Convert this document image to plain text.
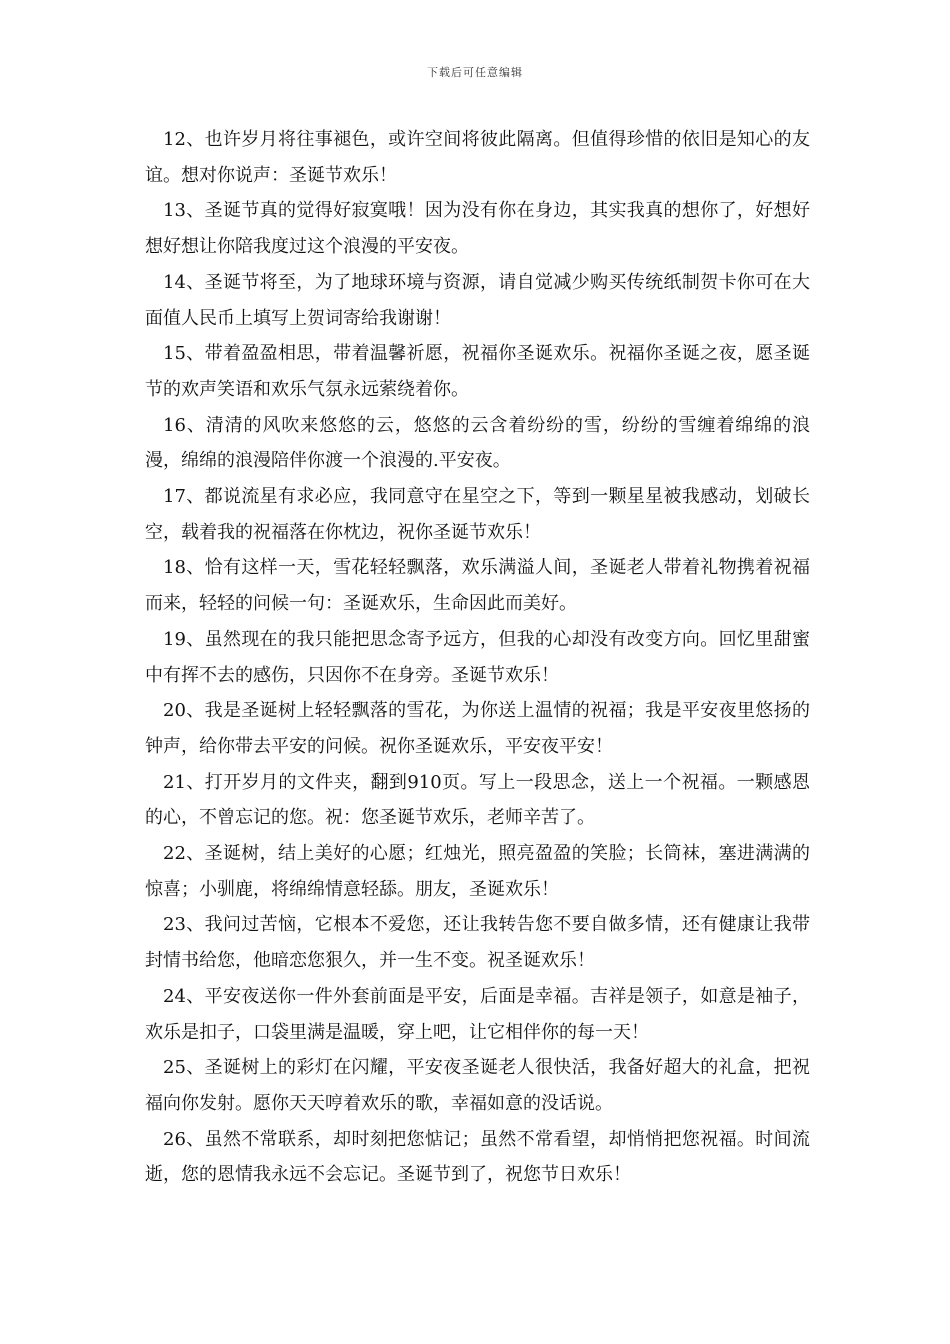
下载后可任意编辑

12、也许岁月将往事褪色，或许空间将彼此隔离。但值得珍惜的依旧是知心的友谊。想对你说声：圣诞节欢乐！

13、圣诞节真的觉得好寂寞哦！因为没有你在身边，其实我真的想你了，好想好想好想让你陪我度过这个浪漫的平安夜。

14、圣诞节将至，为了地球环境与资源，请自觉减少购买传统纸制贺卡你可在大面值人民币上填写上贺词寄给我谢谢！

15、带着盈盈相思，带着温馨祈愿，祝福你圣诞欢乐。祝福你圣诞之夜，愿圣诞节的欢声笑语和欢乐气氛永远萦绕着你。

16、清清的风吹来悠悠的云，悠悠的云含着纷纷的雪，纷纷的雪缠着绵绵的浪漫，绵绵的浪漫陪伴你渡一个浪漫的.平安夜。

17、都说流星有求必应，我同意守在星空之下，等到一颗星星被我感动，划破长空，载着我的祝福落在你枕边，祝你圣诞节欢乐！

18、恰有这样一天，雪花轻轻飘落，欢乐满溢人间，圣诞老人带着礼物携着祝福而来，轻轻的问候一句：圣诞欢乐，生命因此而美好。

19、虽然现在的我只能把思念寄予远方，但我的心却没有改变方向。回忆里甜蜜中有挥不去的感伤，只因你不在身旁。圣诞节欢乐！

20、我是圣诞树上轻轻飘落的雪花，为你送上温情的祝福；我是平安夜里悠扬的钟声，给你带去平安的问候。祝你圣诞欢乐，平安夜平安！

21、打开岁月的文件夹，翻到910页。写上一段思念，送上一个祝福。一颗感恩的心，不曾忘记的您。祝：您圣诞节欢乐，老师辛苦了。

22、圣诞树，结上美好的心愿；红烛光，照亮盈盈的笑脸；长筒袜，塞进满满的惊喜；小驯鹿，将绵绵情意轻舔。朋友，圣诞欢乐！

23、我问过苦恼，它根本不爱您，还让我转告您不要自做多情，还有健康让我带封情书给您，他暗恋您狠久，并一生不变。祝圣诞欢乐！

24、平安夜送你一件外套前面是平安，后面是幸福。吉祥是领子，如意是袖子，欢乐是扣子，口袋里满是温暖，穿上吧，让它相伴你的每一天！

25、圣诞树上的彩灯在闪耀，平安夜圣诞老人很快活，我备好超大的礼盒，把祝福向你发射。愿你天天哼着欢乐的歌，幸福如意的没话说。

26、虽然不常联系，却时刻把您惦记；虽然不常看望，却悄悄把您祝福。时间流逝，您的恩情我永远不会忘记。圣诞节到了，祝您节日欢乐！
